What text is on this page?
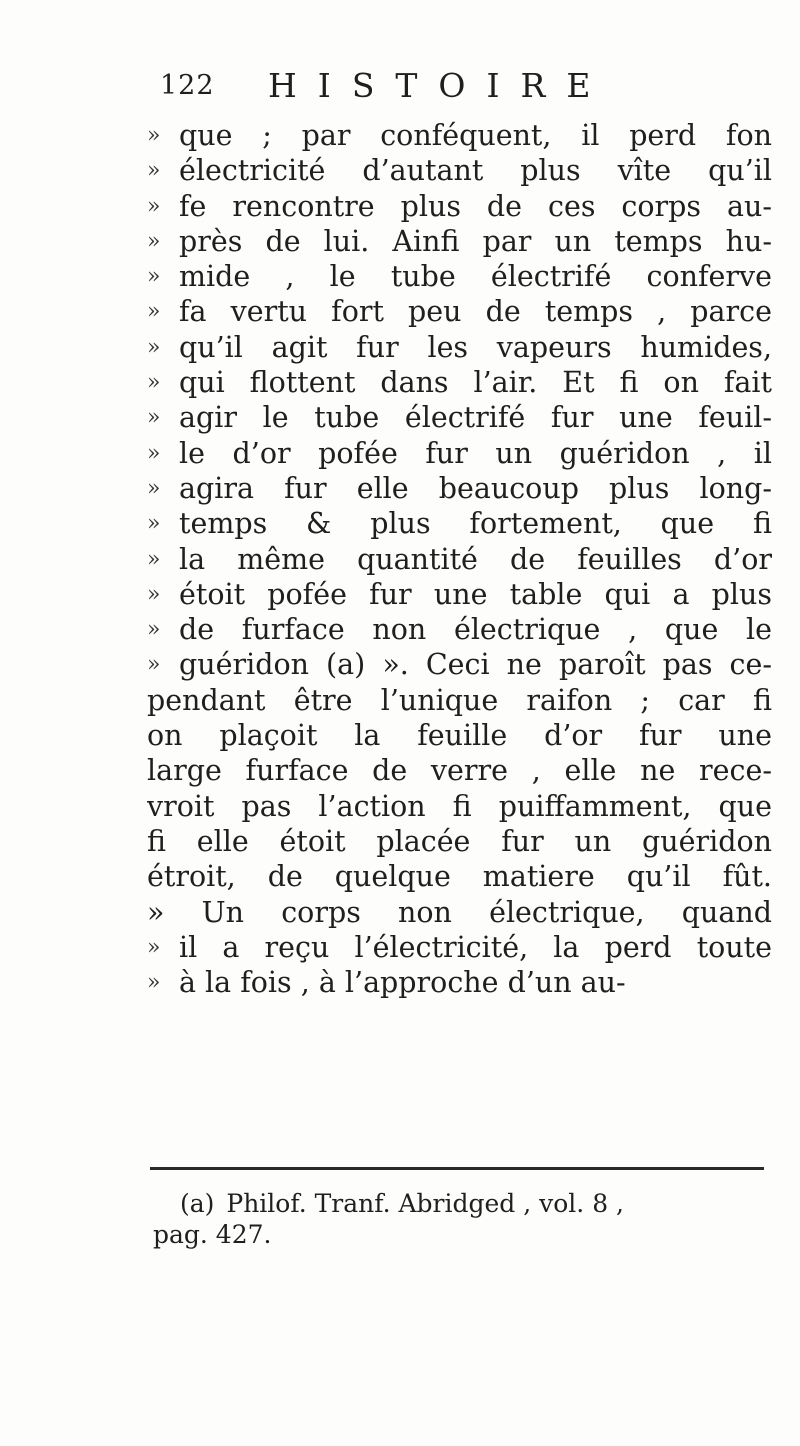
122 HISTOIRE
» que ; par conféquent, il perd fon
» électricité d’autant plus vîte qu’il
» fe rencontre plus de ces corps au-
» près de lui. Ainfi par un temps hu-
» mide , le tube électrifé conferve
» fa vertu fort peu de temps , parce
» qu’il agit fur les vapeurs humides,
» qui flottent dans l’air. Et fi on fait
» agir le tube électrifé fur une feuil-
» le d’or pofée fur un guéridon , il
» agira fur elle beaucoup plus long-
» temps & plus fortement, que fi
» la même quantité de feuilles d’or
» étoit pofée fur une table qui a plus
» de furface non électrique , que le
» guéridon (a) ». Ceci ne paroît pas ce-
pendant être l’unique raifon ; car fi
on plaçoit la feuille d’or fur une
large furface de verre , elle ne rece-
vroit pas l’action fi puiffamment, que
fi elle étoit placée fur un guéridon
étroit, de quelque matiere qu’il fût.
» Un corps non électrique, quand
» il a reçu l’électricité, la perd toute
» à la fois , à l’approche d’un au-
(a) Philof. Tranf. Abridged , vol. 8 ,
pag. 427.
